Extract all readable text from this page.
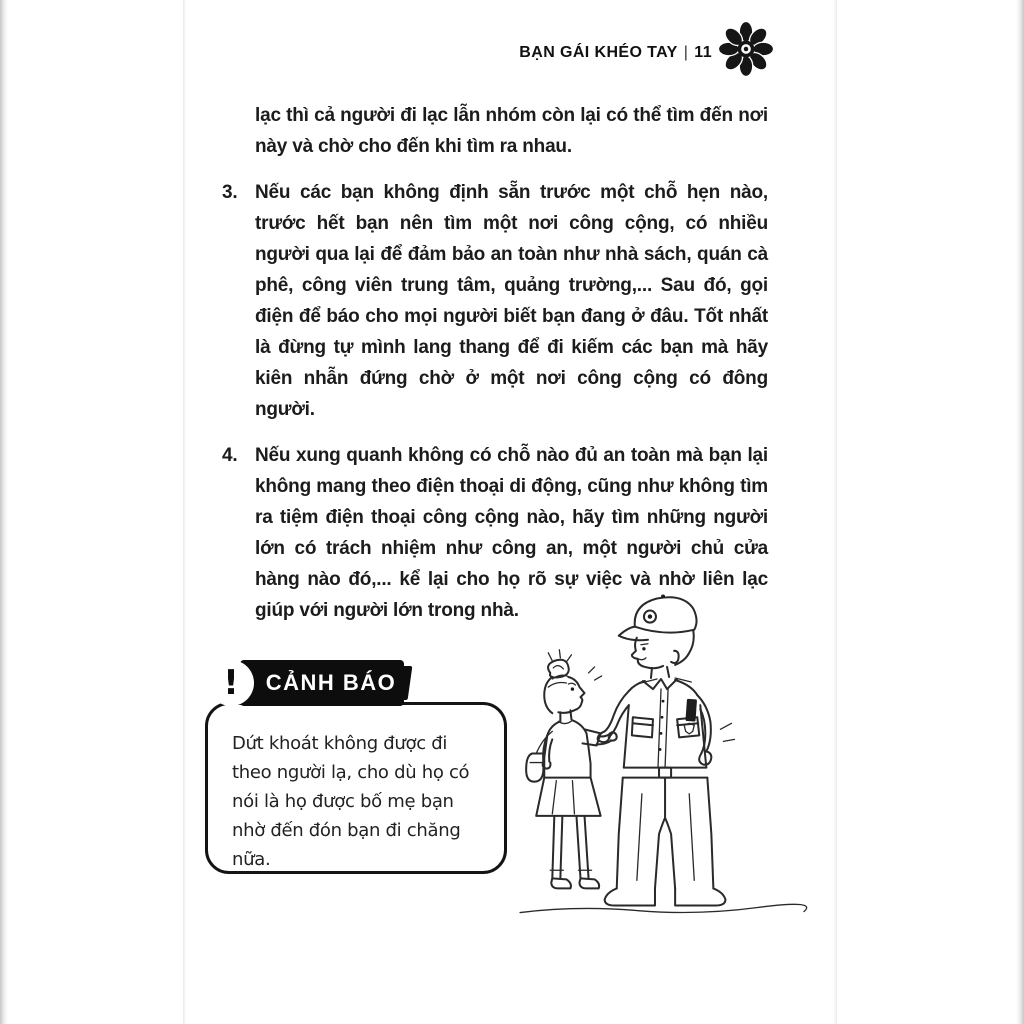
BẠN GÁI KHÉO TAY | 11

lạc thì cả người đi lạc lẫn nhóm còn lại có thể tìm đến nơi này và chờ cho đến khi tìm ra nhau.

3. Nếu các bạn không định sẵn trước một chỗ hẹn nào, trước hết bạn nên tìm một nơi công cộng, có nhiều người qua lại để đảm bảo an toàn như nhà sách, quán cà phê, công viên trung tâm, quảng trường,... Sau đó, gọi điện để báo cho mọi người biết bạn đang ở đâu. Tốt nhất là đừng tự mình lang thang để đi kiếm các bạn mà hãy kiên nhẫn đứng chờ ở một nơi công cộng có đông người.

4. Nếu xung quanh không có chỗ nào đủ an toàn mà bạn lại không mang theo điện thoại di động, cũng như không tìm ra tiệm điện thoại công cộng nào, hãy tìm những người lớn có trách nhiệm như công an, một người chủ cửa hàng nào đó,... kể lại cho họ rõ sự việc và nhờ liên lạc giúp với người lớn trong nhà.

Dứt khoát không được đi theo người lạ, cho dù họ có nói là họ được bố mẹ bạn nhờ đến đón bạn đi chăng nữa.

CẢNH BÁO
!
